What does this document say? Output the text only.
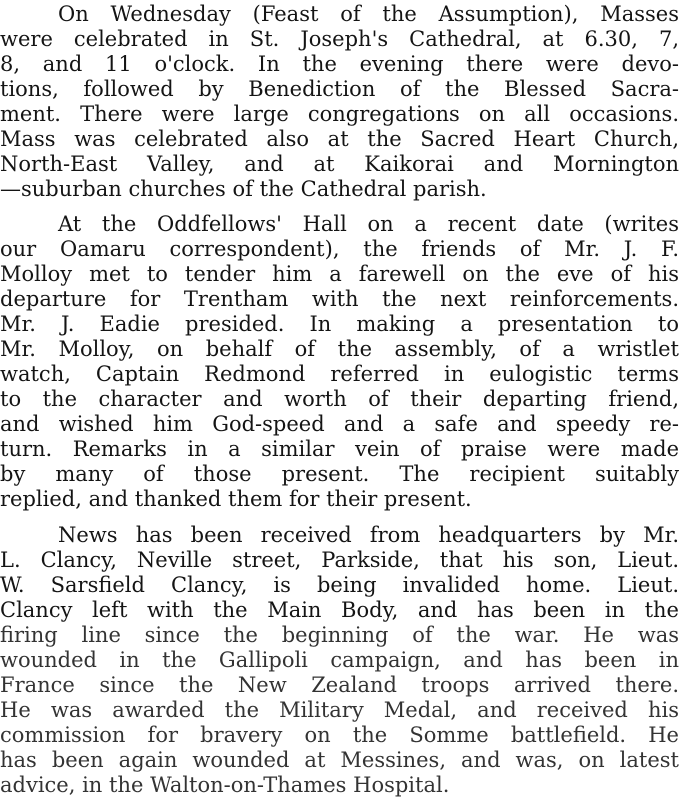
On Wednesday (Feast of the Assumption), Masses
were celebrated in St. Joseph's Cathedral, at 6.30, 7,
8, and 11 o'clock. In the evening there were devo-
tions, followed by Benediction of the Blessed Sacra-
ment. There were large congregations on all occasions.
Mass was celebrated also at the Sacred Heart Church,
North-East Valley, and at Kaikorai and Mornington
—suburban churches of the Cathedral parish.
At the Oddfellows' Hall on a recent date (writes
our Oamaru correspondent), the friends of Mr. J. F.
Molloy met to tender him a farewell on the eve of his
departure for Trentham with the next reinforcements.
Mr. J. Eadie presided. In making a presentation to
Mr. Molloy, on behalf of the assembly, of a wristlet
watch, Captain Redmond referred in eulogistic terms
to the character and worth of their departing friend,
and wished him God-speed and a safe and speedy re-
turn. Remarks in a similar vein of praise were made
by many of those present. The recipient suitably
replied, and thanked them for their present.
News has been received from headquarters by Mr.
L. Clancy, Neville street, Parkside, that his son, Lieut.
W. Sarsfield Clancy, is being invalided home. Lieut.
Clancy left with the Main Body, and has been in the
firing line since the beginning of the war. He was
wounded in the Gallipoli campaign, and has been in
France since the New Zealand troops arrived there.
He was awarded the Military Medal, and received his
commission for bravery on the Somme battlefield. He
has been again wounded at Messines, and was, on latest
advice, in the Walton-on-Thames Hospital.
